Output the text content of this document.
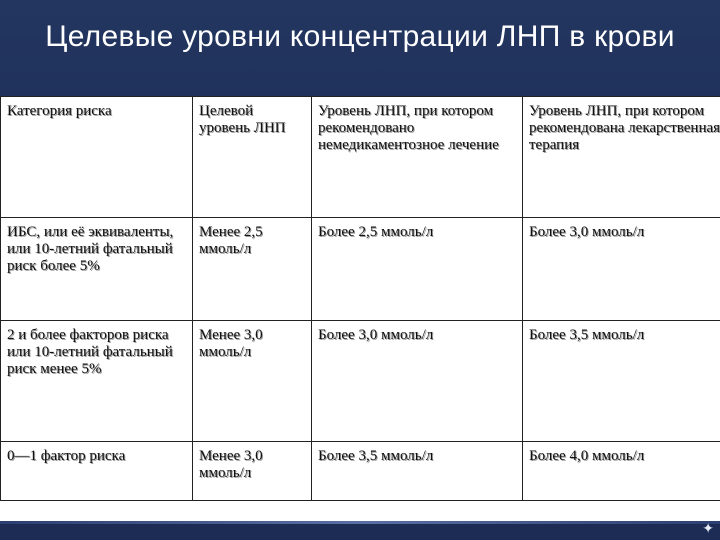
Целевые уровни концентрации ЛНП в крови
Категория риска	Целевой уровень ЛНП	Уровень ЛНП, при котором рекомендовано немедикаментозное лечение	Уровень ЛНП, при котором рекомендована лекарственная терапия
ИБС, или её эквиваленты, или 10-летний фатальный риск более 5%	Менее 2,5 ммоль/л	Более 2,5 ммоль/л	Более 3,0 ммоль/л
2 и более факторов риска или 10-летний фатальный риск менее 5%	Менее 3,0 ммоль/л	Более 3,0 ммоль/л	Более 3,5 ммоль/л
0—1 фактор риска	Менее 3,0 ммоль/л	Более 3,5 ммоль/л	Более 4,0 ммоль/л
✦
